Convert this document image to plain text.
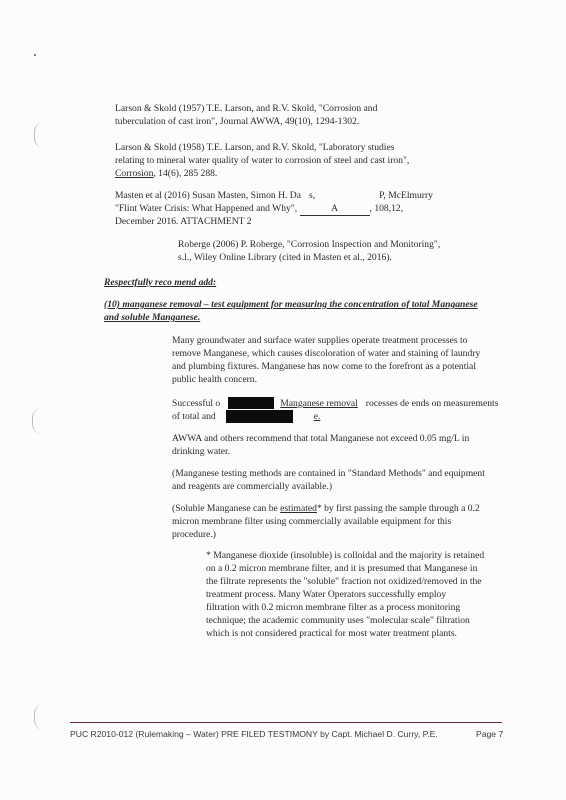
Larson & Skold (1957) T.E. Larson, and R.V. Skold, "Corrosion and
tuberculation of cast iron", Journal AWWA, 49(10), 1294-1302.
Larson & Skold (1958) T.E. Larson, and R.V. Skold, "Laboratory studies
relating to mineral water quality of water to corrosion of steel and cast iron",
Corrosion, 14(6), 285 288.
Masten et al (2016) Susan Masten, Simon H. Da s,	P, McElmurry
"Flint Water Crisis: What Happened and Why",	A	, 108,12,
December 2016. ATTACHMENT 2
Roberge (2006) P. Roberge, "Corrosion Inspection and Monitoring",
s.l., Wiley Online Library (cited in Masten et al., 2016).
Respectfully reco mend add:
(10) manganese removal – test equipment for measuring the concentration of total Manganese
and soluble Manganese.
Many groundwater and surface water supplies operate treatment processes to
remove Manganese, which causes discoloration of water and staining of laundry
and plumbing fixtures. Manganese has now come to the forefront as a potential
public health concern.
Successful o	Manganese removal rocesses de ends on measurements
of total and	e.
AWWA and others recommend that total Manganese not exceed 0.05 mg/L in
drinking water.
(Manganese testing methods are contained in "Standard Methods" and equipment
and reagents are commercially available.)
(Soluble Manganese can be estimated* by first passing the sample through a 0.2
micron membrane filter using commercially available equipment for this
procedure.)
* Manganese dioxide (insoluble) is colloidal and the majority is retained
on a 0.2 micron membrane filter, and it is presumed that Manganese in
the filtrate represents the "soluble" fraction not oxidized/removed in the
treatment process. Many Water Operators successfully employ
filtration with 0.2 micron membrane filter as a process monitoring
technique; the academic community uses "molecular scale" filtration
which is not considered practical for most water treatment plants.
PUC R2010-012 (Rulemaking – Water) PRE FILED TESTIMONY by Capt. Michael D. Curry, P.E.	Page 7
